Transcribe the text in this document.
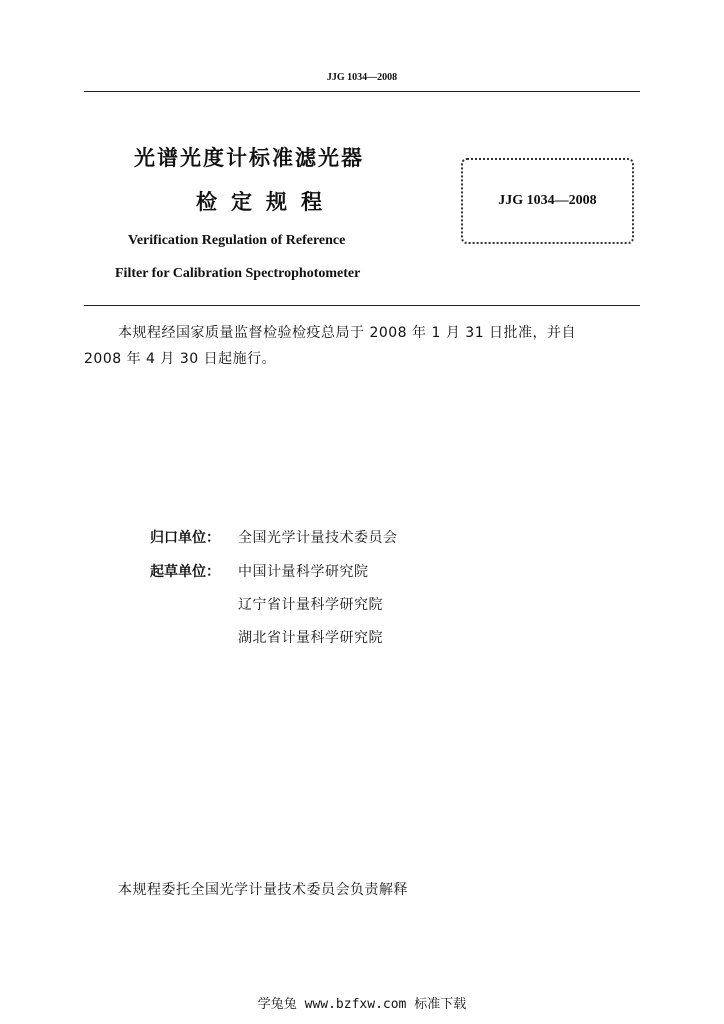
JJG 1034—2008
光谱光度计标准滤光器
检定规程
Verification Regulation of Reference
Filter for Calibration Spectrophotometer
JJG 1034—2008
本规程经国家质量监督检验检疫总局于 2008 年 1 月 31 日批准，并自
2008 年 4 月 30 日起施行。
归口单位： 全国光学计量技术委员会
起草单位： 中国计量科学研究院
辽宁省计量科学研究院
湖北省计量科学研究院
本规程委托全国光学计量技术委员会负责解释
学兔兔 www.bzfxw.com 标准下载
